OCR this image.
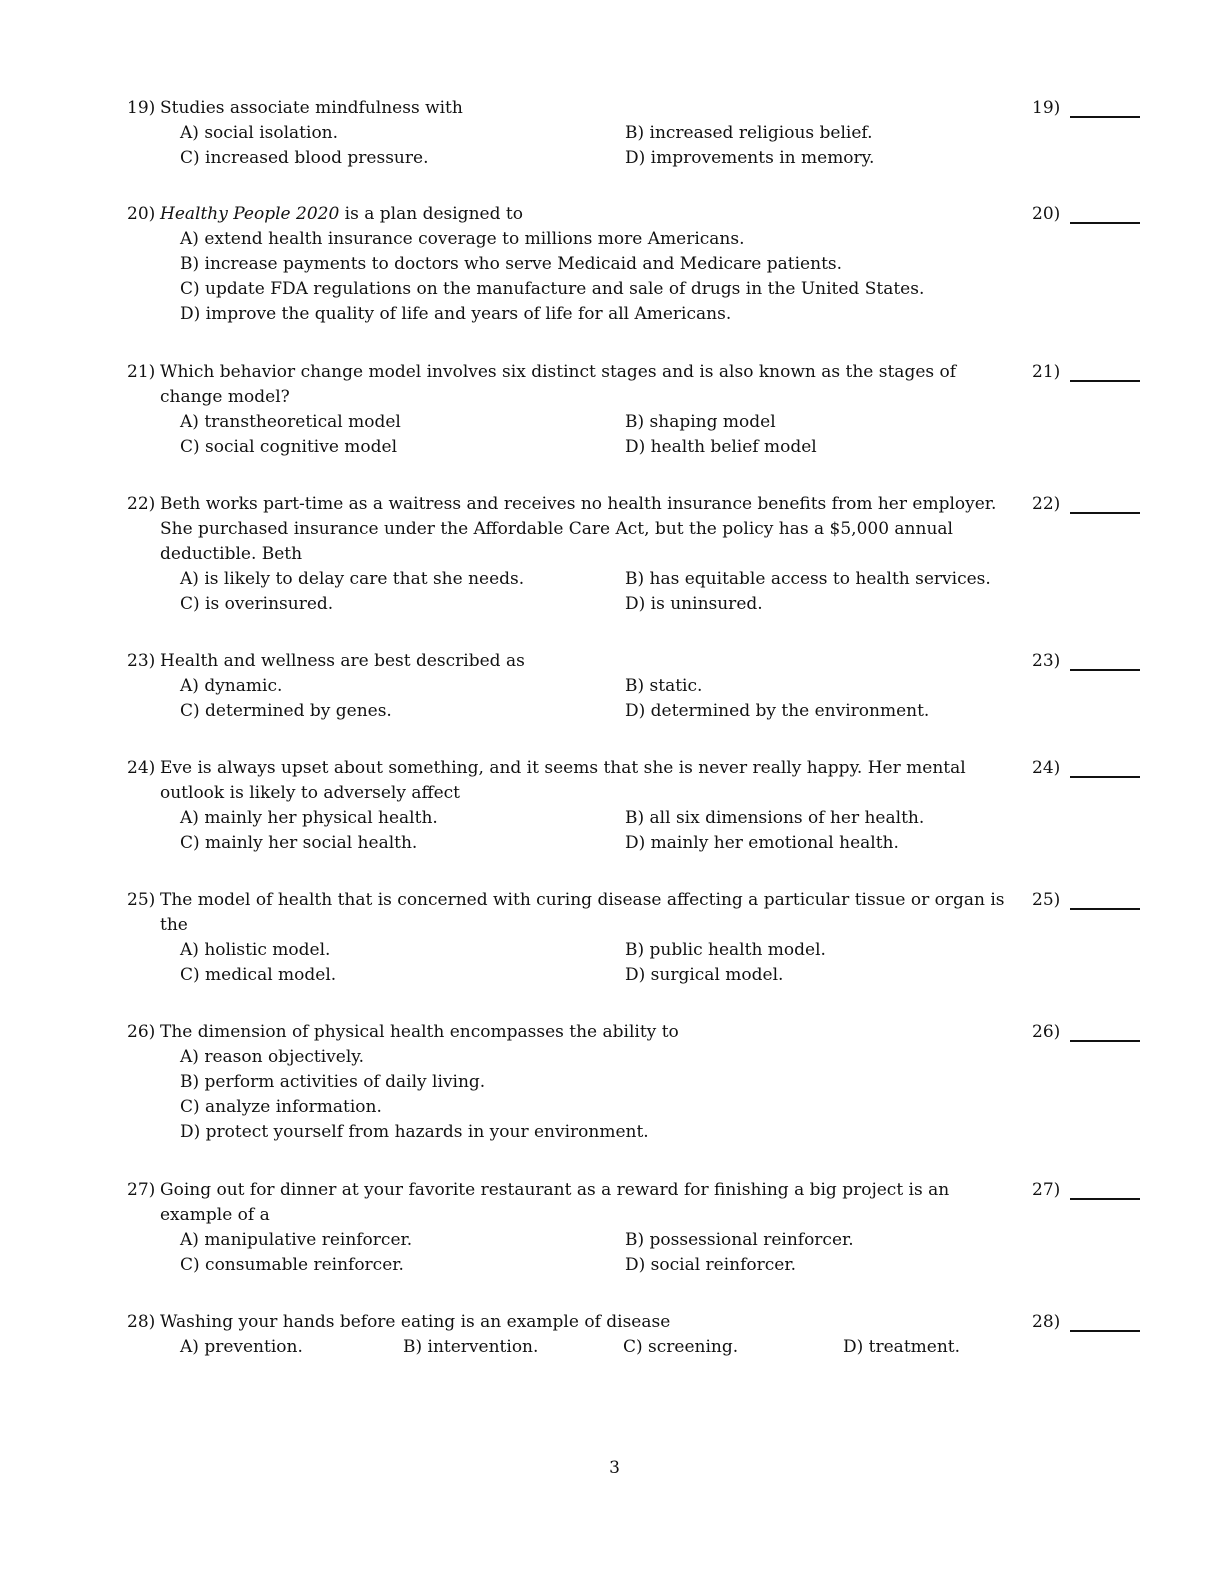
19) Studies associate mindfulness with	19)
A) social isolation.	B) increased religious belief.
C) increased blood pressure.	D) improvements in memory.
20) Healthy People 2020 is a plan designed to	20)
A) extend health insurance coverage to millions more Americans.
B) increase payments to doctors who serve Medicaid and Medicare patients.
C) update FDA regulations on the manufacture and sale of drugs in the United States.
D) improve the quality of life and years of life for all Americans.
21) Which behavior change model involves six distinct stages and is also known as the stages of change model?
21)
A) transtheoretical model	B) shaping model
C) social cognitive model	D) health belief model
22) Beth works part-time as a waitress and receives no health insurance benefits from her employer. She purchased insurance under the Affordable Care Act, but the policy has a $5,000 annual deductible. Beth
22)
A) is likely to delay care that she needs.	B) has equitable access to health services.
C) is overinsured.	D) is uninsured.
23) Health and wellness are best described as	23)
A) dynamic.	B) static.
C) determined by genes.	D) determined by the environment.
24) Eve is always upset about something, and it seems that she is never really happy. Her mental outlook is likely to adversely affect
24)
A) mainly her physical health.	B) all six dimensions of her health.
C) mainly her social health.	D) mainly her emotional health.
25) The model of health that is concerned with curing disease affecting a particular tissue or organ is the
25)
A) holistic model.	B) public health model.
C) medical model.	D) surgical model.
26) The dimension of physical health encompasses the ability to	26)
A) reason objectively.
B) perform activities of daily living.
C) analyze information.
D) protect yourself from hazards in your environment.
27) Going out for dinner at your favorite restaurant as a reward for finishing a big project is an example of a
27)
A) manipulative reinforcer.	B) possessional reinforcer.
C) consumable reinforcer.	D) social reinforcer.
28) Washing your hands before eating is an example of disease	28)
A) prevention.	B) intervention.	C) screening.	D) treatment.
3
